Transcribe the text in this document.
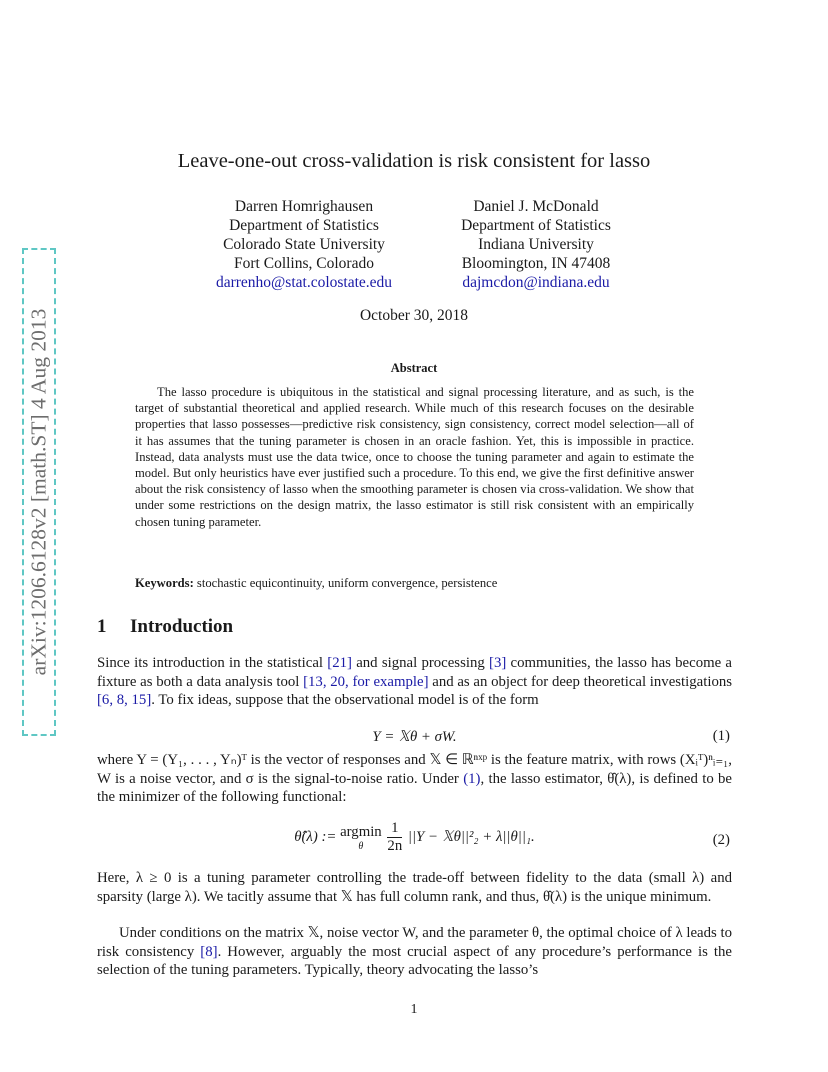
arXiv:1206.6128v2 [math.ST] 4 Aug 2013
Leave-one-out cross-validation is risk consistent for lasso
Darren Homrighausen
Department of Statistics
Colorado State University
Fort Collins, Colorado
darrenho@stat.colostate.edu
Daniel J. McDonald
Department of Statistics
Indiana University
Bloomington, IN 47408
dajmcdon@indiana.edu
October 30, 2018
Abstract
The lasso procedure is ubiquitous in the statistical and signal processing literature, and as such, is the target of substantial theoretical and applied research. While much of this research focuses on the desirable properties that lasso possesses—predictive risk consistency, sign consistency, correct model selection—all of it has assumes that the tuning parameter is chosen in an oracle fashion. Yet, this is impossible in practice. Instead, data analysts must use the data twice, once to choose the tuning parameter and again to estimate the model. But only heuristics have ever justified such a procedure. To this end, we give the first definitive answer about the risk consistency of lasso when the smoothing parameter is chosen via cross-validation. We show that under some restrictions on the design matrix, the lasso estimator is still risk consistent with an empirically chosen tuning parameter.
Keywords: stochastic equicontinuity, uniform convergence, persistence
1 Introduction
Since its introduction in the statistical [21] and signal processing [3] communities, the lasso has become a fixture as both a data analysis tool [13, 20, for example] and as an object for deep theoretical investigations [6, 8, 15]. To fix ideas, suppose that the observational model is of the form
Y = 𝕏θ + σW.	(1)
where Y = (Y₁, . . . , Yₙ)ᵀ is the vector of responses and 𝕏 ∈ ℝⁿˣᵖ is the feature matrix, with rows (Xᵢᵀ)ⁿᵢ₌₁, W is a noise vector, and σ is the signal-to-noise ratio. Under (1), the lasso estimator, θ̂(λ), is defined to be the minimizer of the following functional:
θ̂(λ) := argmin
θ
	$\frac{1}{2n} ||Y$ − 𝕏θ||²₂ + λ||θ||₁.	(2)
Here, λ ≥ 0 is a tuning parameter controlling the trade-off between fidelity to the data (small λ) and sparsity (large λ). We tacitly assume that 𝕏 has full column rank, and thus, θ̂(λ) is the unique minimum.
Under conditions on the matrix 𝕏, noise vector W, and the parameter θ, the optimal choice of λ leads to risk consistency [8]. However, arguably the most crucial aspect of any procedure’s performance is the selection of the tuning parameters. Typically, theory advocating the lasso’s
1
